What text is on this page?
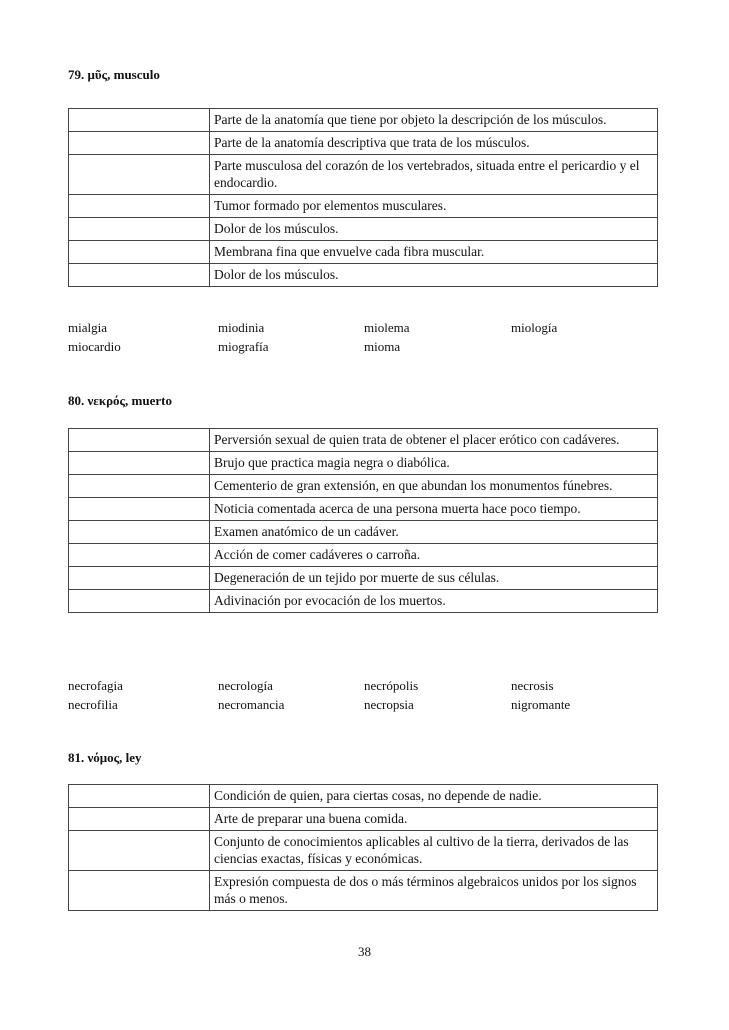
79. μῦς, musculo
	Parte de la anatomía que tiene por objeto la descripción de los músculos.
	Parte de la anatomía descriptiva que trata de los músculos.
	Parte musculosa del corazón de los vertebrados, situada entre el pericardio y el endocardio.
	Tumor formado por elementos musculares.
	Dolor de los músculos.
	Membrana fina que envuelve cada fibra muscular.
	Dolor de los músculos.
mialgia	miodinia	miolema	miología
miocardio	miografía	mioma
80. νεκρός, muerto
	Perversión sexual de quien trata de obtener el placer erótico con cadáveres.
	Brujo que practica magia negra o diabólica.
	Cementerio de gran extensión, en que abundan los monumentos fúnebres.
	Noticia comentada acerca de una persona muerta hace poco tiempo.
	Examen anatómico de un cadáver.
	Acción de comer cadáveres o carroña.
	Degeneración de un tejido por muerte de sus células.
	Adivinación por evocación de los muertos.
necrofagia	necrología	necrópolis	necrosis
necrofilia	necromancia	necropsia	nigromante
81. νόμος, ley
	Condición de quien, para ciertas cosas, no depende de nadie.
	Arte de preparar una buena comida.
	Conjunto de conocimientos aplicables al cultivo de la tierra, derivados de las ciencias exactas, físicas y económicas.
	Expresión compuesta de dos o más términos algebraicos unidos por los signos más o menos.
38
